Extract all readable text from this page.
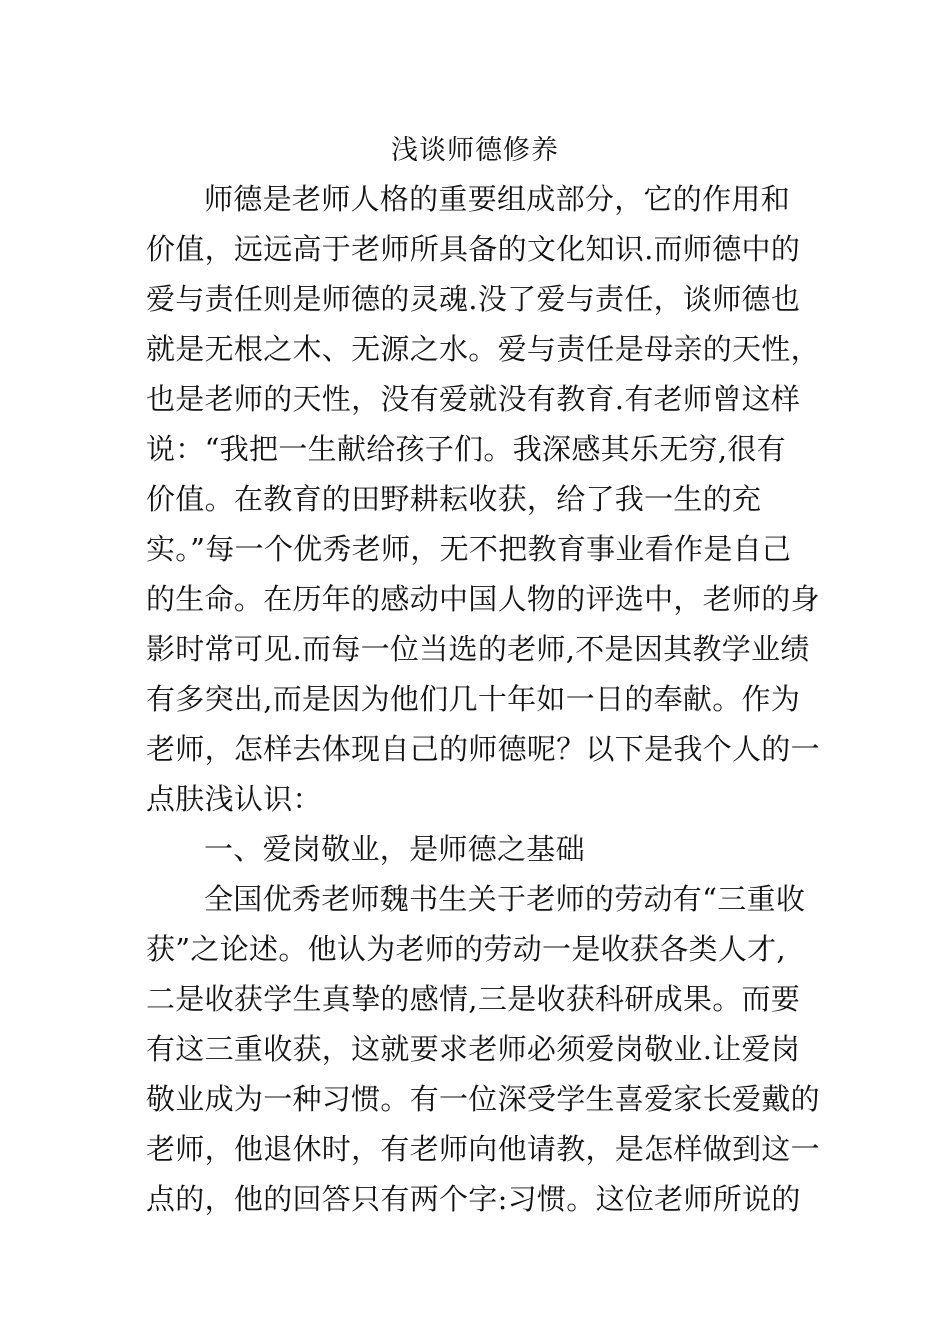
浅谈师德修养
师德是老师人格的重要组成部分，它的作用和
价值，远远高于老师所具备的文化知识.而师德中的
爱与责任则是师德的灵魂.没了爱与责任，谈师德也
就是无根之木、无源之水。爱与责任是母亲的天性，
也是老师的天性，没有爱就没有教育.有老师曾这样
说：“我把一生献给孩子们。我深感其乐无穷,很有
价值。在教育的田野耕耘收获，给了我一生的充
实。”每一个优秀老师，无不把教育事业看作是自己
的生命。在历年的感动中国人物的评选中，老师的身
影时常可见.而每一位当选的老师,不是因其教学业绩
有多突出,而是因为他们几十年如一日的奉献。作为
老师，怎样去体现自己的师德呢？以下是我个人的一
点肤浅认识：
一、爱岗敬业，是师德之基础
全国优秀老师魏书生关于老师的劳动有“三重收
获”之论述。他认为老师的劳动一是收获各类人才,
二是收获学生真挚的感情,三是收获科研成果。而要
有这三重收获，这就要求老师必须爱岗敬业.让爱岗
敬业成为一种习惯。有一位深受学生喜爱家长爱戴的
老师，他退休时，有老师向他请教，是怎样做到这一
点的，他的回答只有两个字:习惯。这位老师所说的
